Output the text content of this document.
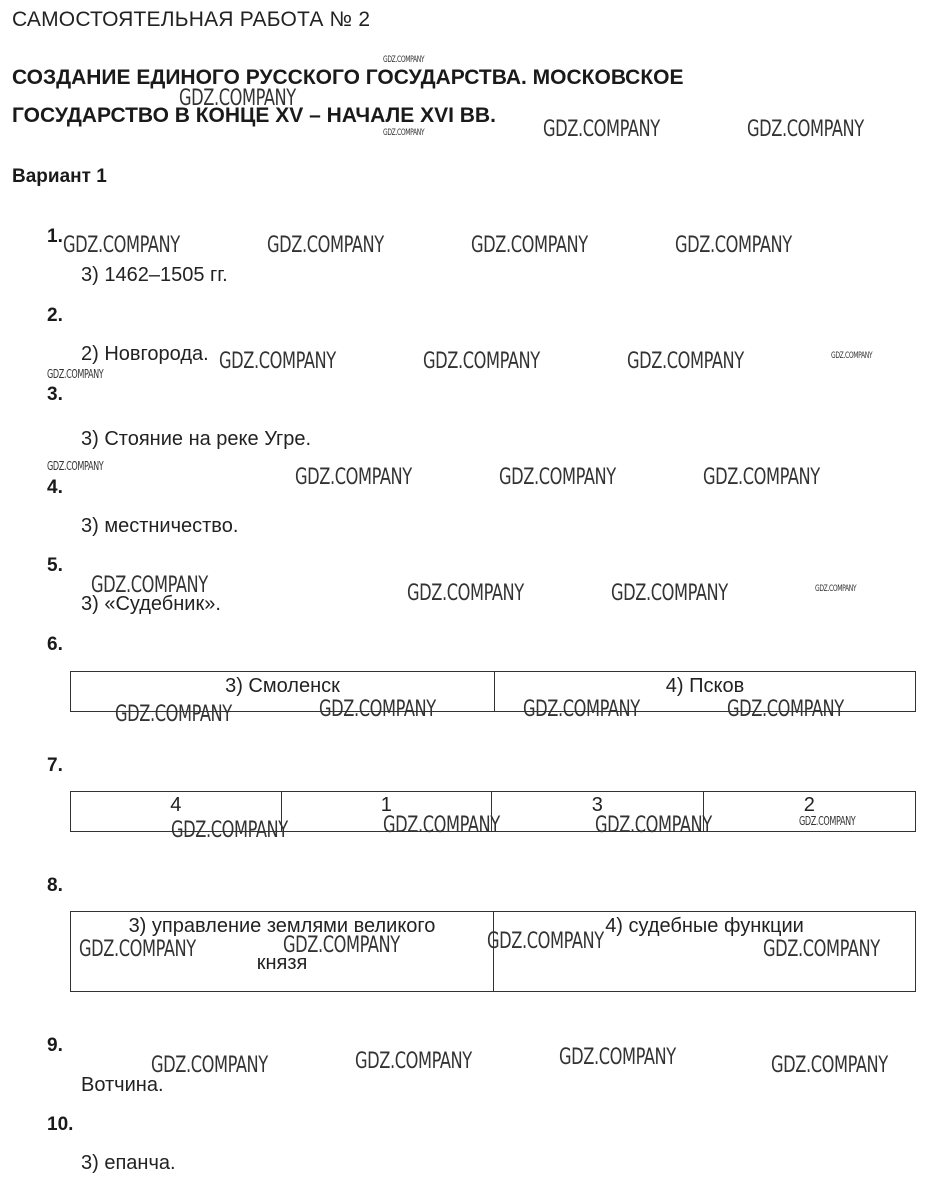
САМОСТОЯТЕЛЬНАЯ РАБОТА № 2
СОЗДАНИЕ ЕДИНОГО РУССКОГО ГОСУДАРСТВА. МОСКОВСКОЕ
ГОСУДАРСТВО В КОНЦЕ XV – НАЧАЛЕ XVI ВВ.
Вариант 1
1.
3) 1462–1505 гг.
2.
2) Новгорода.
3.
3) Стояние на реке Угре.
4.
3) местничество.
5.
3) «Судебник».
6.
3) Смоленск	4) Псков
7.
4	1	3	2
8.
3) управление землями великого
князя
4) судебные функции
9.
Вотчина.
10.
3) епанча.
GDZ.COMPANY
GDZ.COMPANY
GDZ.COMPANY	GDZ.COMPANY	GDZ.COMPANY
GDZ.COMPANY	GDZ.COMPANY	GDZ.COMPANY	GDZ.COMPANY
GDZ.COMPANY	GDZ.COMPANY	GDZ.COMPANY	GDZ.COMPANY
GDZ.COMPANY
GDZ.COMPANY	GDZ.COMPANY	GDZ.COMPANY	GDZ.COMPANY
GDZ.COMPANY	GDZ.COMPANY	GDZ.COMPANY	GDZ.COMPANY
GDZ.COMPANY	GDZ.COMPANY	GDZ.COMPANY	GDZ.COMPANY
GDZ.COMPANY	GDZ.COMPANY	GDZ.COMPANY	GDZ.COMPANY
GDZ.COMPANY	GDZ.COMPANY	GDZ.COMPANY	GDZ.COMPANY
GDZ.COMPANY	GDZ.COMPANY	GDZ.COMPANY	GDZ.COMPANY
